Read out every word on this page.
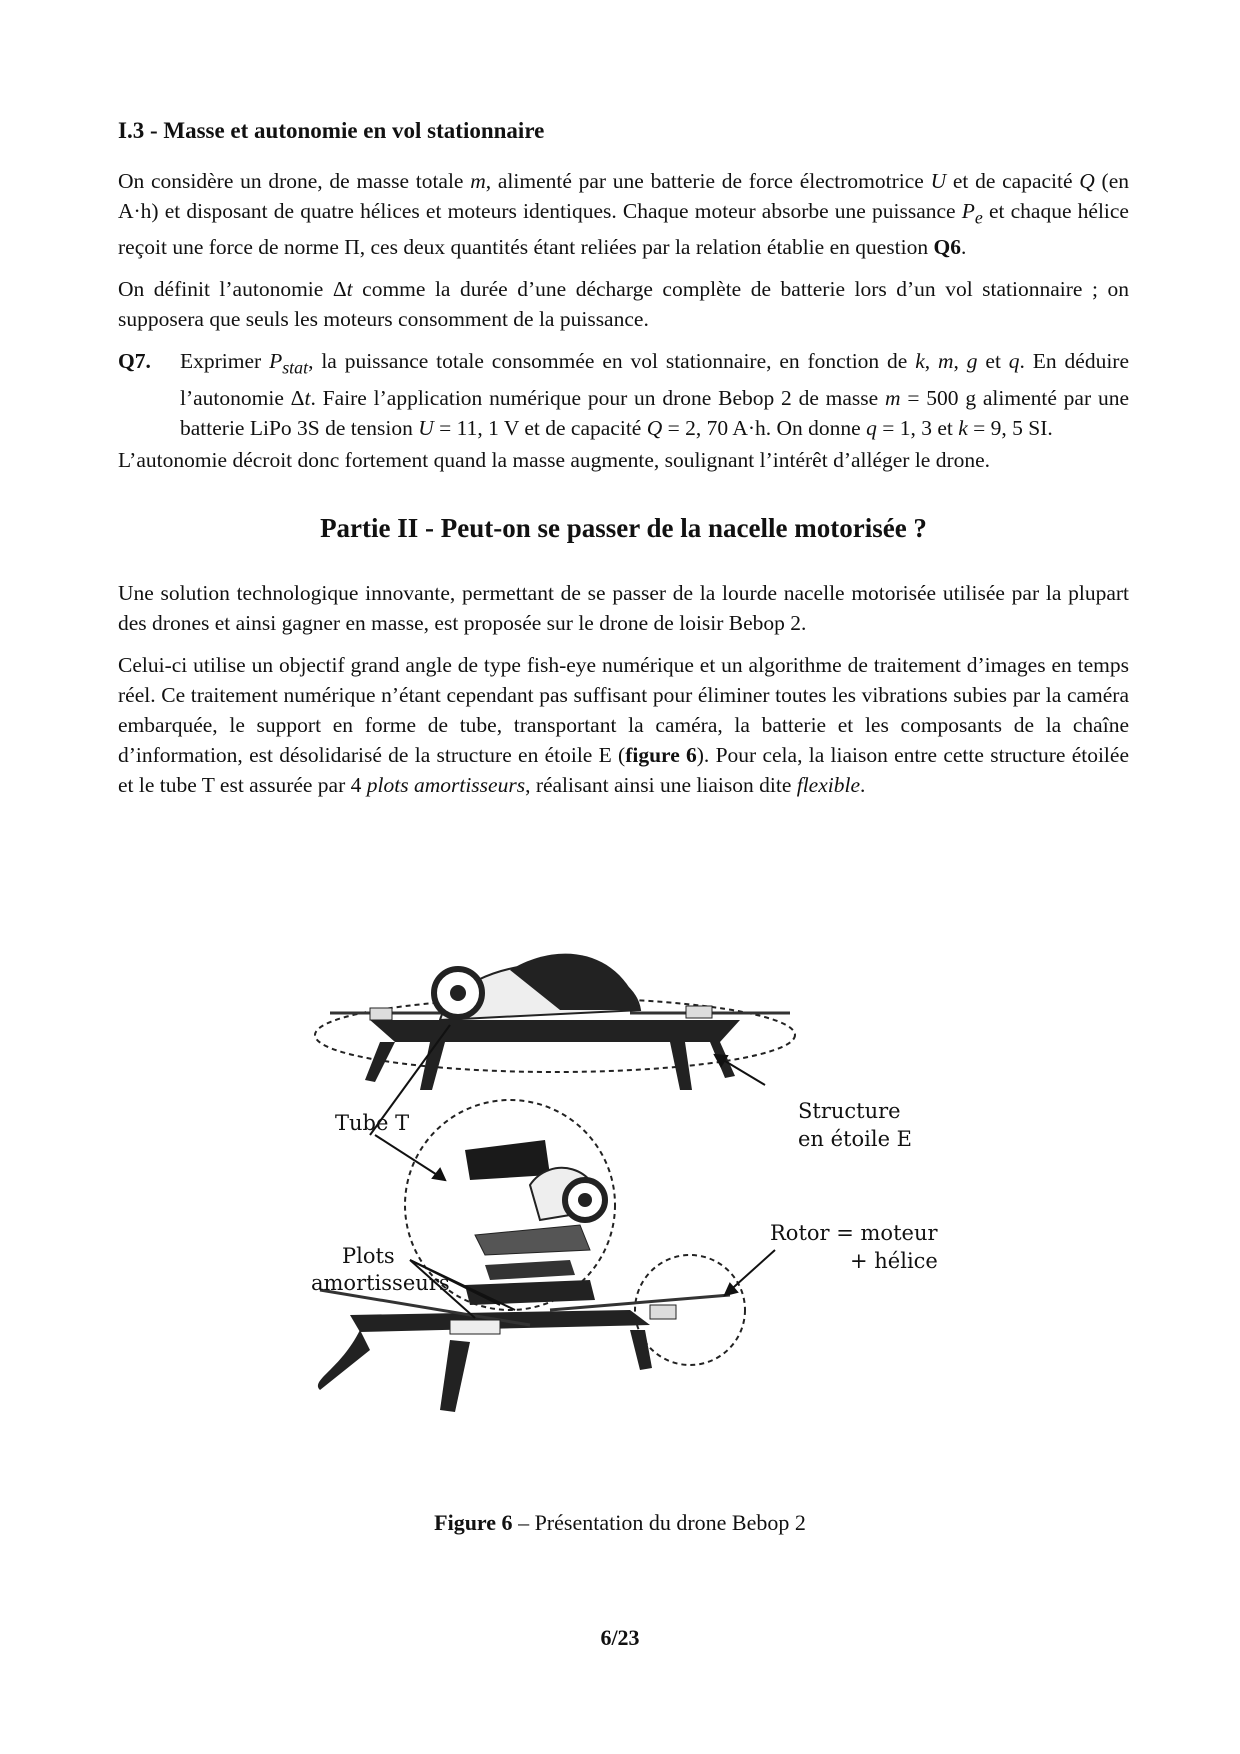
I.3 - Masse et autonomie en vol stationnaire

On considère un drone, de masse totale m, alimenté par une batterie de force électromotrice U et de capacité Q (en A·h) et disposant de quatre hélices et moteurs identiques. Chaque moteur absorbe une puissance $P_e$ et chaque hélice reçoit une force de norme Π, ces deux quantités étant reliées par la relation établie en question Q6.

On définit l’autonomie Δt comme la durée d’une décharge complète de batterie lors d’un vol stationnaire ; on supposera que seuls les moteurs consomment de la puissance.

Q7.	Exprimer $P_{stat}$, la puissance totale consommée en vol stationnaire, en fonction de k, m, g et q. En déduire l’autonomie Δt. Faire l’application numérique pour un drone Bebop 2 de masse m = 500 g alimenté par une batterie LiPo 3S de tension U = 11, 1 V et de capacité Q = 2, 70 A·h. On donne q = 1, 3 et k = 9, 5 SI.

L’autonomie décroit donc fortement quand la masse augmente, soulignant l’intérêt d’alléger le drone.

Partie II - Peut-on se passer de la nacelle motorisée ?

Une solution technologique innovante, permettant de se passer de la lourde nacelle motorisée utilisée par la plupart des drones et ainsi gagner en masse, est proposée sur le drone de loisir Bebop 2.

Celui-ci utilise un objectif grand angle de type fish-eye numérique et un algorithme de traitement d’images en temps réel. Ce traitement numérique n’étant cependant pas suffisant pour éliminer toutes les vibrations subies par la caméra embarquée, le support en forme de tube, transportant la caméra, la batterie et les composants de la chaîne d’information, est désolidarisé de la structure en étoile E (figure 6). Pour cela, la liaison entre cette structure étoilée et le tube T est assurée par 4 plots amortisseurs, réalisant ainsi une liaison dite flexible.

Tube T	Structure
en étoile E
Rotor = moteur
+ hélice
Plots
amortisseurs
Figure 6 – Présentation du drone Bebop 2
6/23
